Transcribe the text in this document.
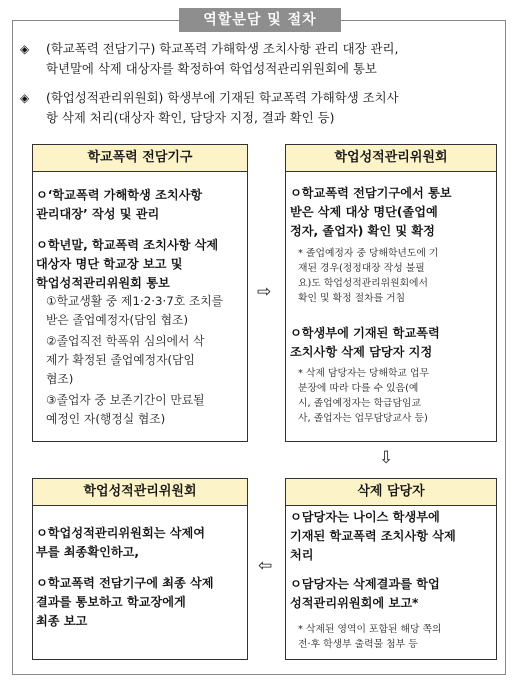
역할분담 및 절차
◈	(학교폭력 전담기구) 학교폭력 가해학생 조치사항 관리 대장 관리,
학년말에 삭제 대상자를 확정하여 학업성적관리위원회에 통보
◈	(학업성적관리위원회) 학생부에 기재된 학교폭력 가해학생 조치사
항 삭제 처리(대상자 확인, 담당자 지정, 결과 확인 등)
학교폭력 전담기구
ㅇ‘학교폭력 가해학생 조치사항
관리대장’ 작성 및 관리
ㅇ학년말, 학교폭력 조치사항 삭제
대상자 명단 학교장 보고 및
학업성적관리위원회 통보
①학교생활 중 제1·2·3·7호 조치를
받은 졸업예정자(담임 협조)
②졸업직전 학폭위 심의에서 삭
제가 확정된 졸업예정자(담임
협조)
③졸업자 중 보존기간이 만료될
예정인 자(행정실 협조)
⇨
학업성적관리위원회
ㅇ학교폭력 전담기구에서 통보
받은 삭제 대상 명단(졸업예
정자, 졸업자) 확인 및 확정
* 졸업예정자 중 당해학년도에 기
재된 경우(정정대장 작성 불필
요)도 학업성적관리위원회에서
확인 및 확정 절차를 거침
ㅇ학생부에 기재된 학교폭력
조치사항 삭제 담당자 지정
* 삭제 담당자는 당해학교 업무
분장에 따라 다를 수 있음(예
시, 졸업예정자는 학급담임교
사, 졸업자는 업무담당교사 등)
⇩
학업성적관리위원회
ㅇ학업성적관리위원회는 삭제여
부를 최종확인하고,
ㅇ학교폭력 전담기구에 최종 삭제
결과를 통보하고 학교장에게
최종 보고
⇦
삭제 담당자
ㅇ담당자는 나이스 학생부에
기재된 학교폭력 조치사항 삭제
처리
ㅇ담당자는 삭제결과를 학업
성적관리위원회에 보고*
* 삭제된 영역이 포함된 해당 쪽의
전·후 학생부 출력물 첨부 등
